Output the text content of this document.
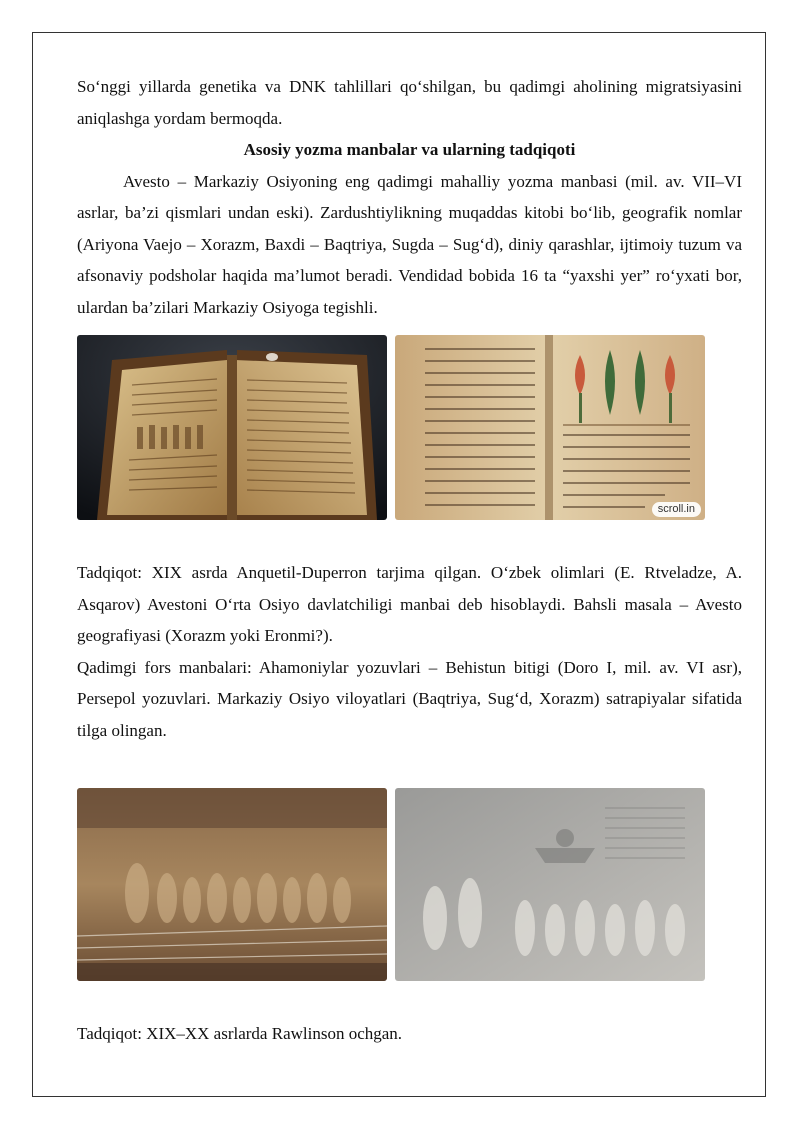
So‘nggi yillarda genetika va DNK tahlillari qo‘shilgan, bu qadimgi aholining migratsiyasini aniqlashga yordam bermoqda.

Asosiy yozma manbalar va ularning tadqiqoti

Avesto – Markaziy Osiyoning eng qadimgi mahalliy yozma manbasi (mil. av. VII–VI asrlar, ba’zi qismlari undan eski). Zardushtiylikning muqaddas kitobi bo‘lib, geografik nomlar (Ariyona Vaejo – Xorazm, Baxdi – Baqtriya, Sugda – Sug‘d), diniy qarashlar, ijtimoiy tuzum va afsonaviy podsholar haqida ma’lumot beradi. Vendidad bobida 16 ta “yaxshi yer” ro‘yxati bor, ulardan ba’zilari Markaziy Osiyoga tegishli.

scroll.in

Tadqiqot: XIX asrda Anquetil-Duperron tarjima qilgan. O‘zbek olimlari (E. Rtveladze, A. Asqarov) Avestoni O‘rta Osiyo davlatchiligi manbai deb hisoblaydi. Bahsli masala – Avesto geografiyasi (Xorazm yoki Eronmi?).

Qadimgi fors manbalari: Ahamoniylar yozuvlari – Behistun bitigi (Doro I, mil. av. VI asr), Persepol yozuvlari. Markaziy Osiyo viloyatlari (Baqtriya, Sug‘d, Xorazm) satrapiyalar sifatida tilga olingan.

Tadqiqot: XIX–XX asrlarda Rawlinson ochgan.
